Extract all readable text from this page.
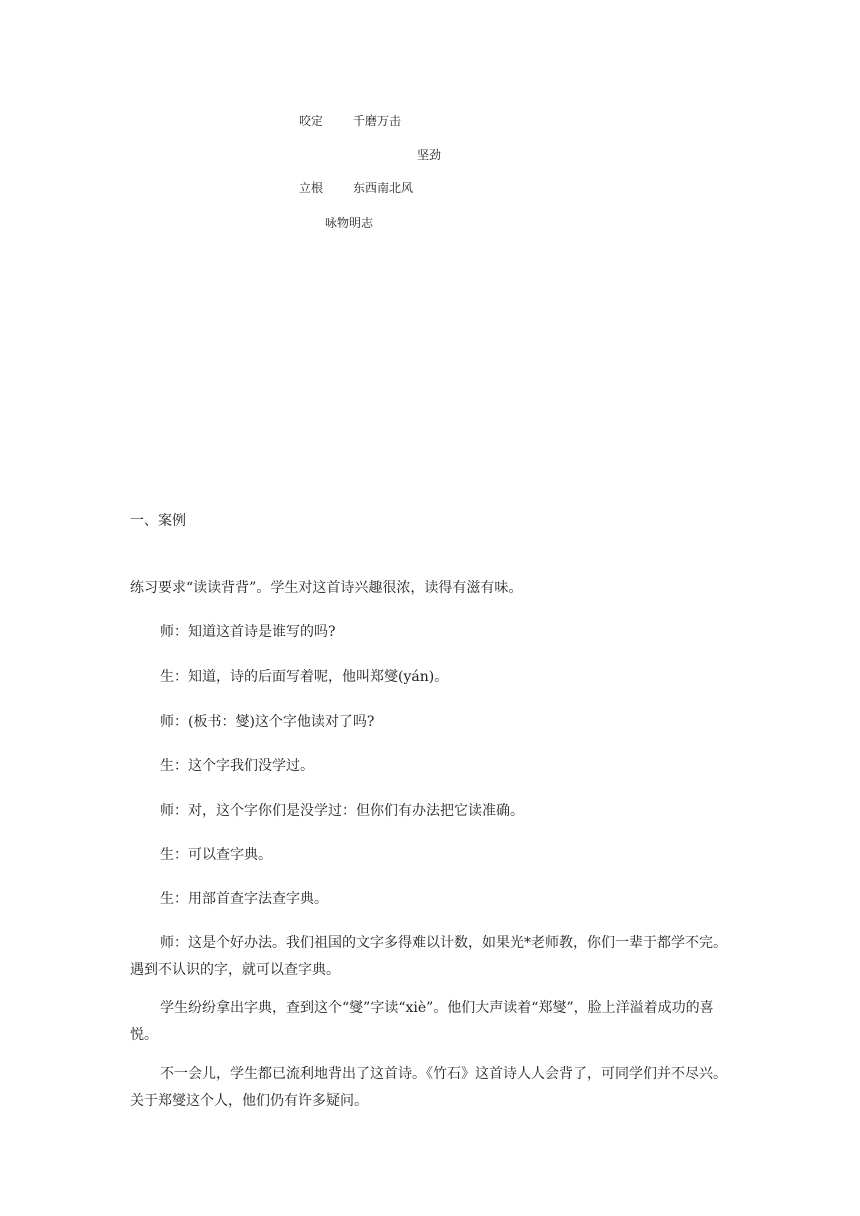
咬定 千磨万击
坚劲
立根 东西南北风
咏物明志
一、案例

练习要求“读读背背”。学生对这首诗兴趣很浓，读得有滋有味。

师：知道这首诗是谁写的吗?

生：知道，诗的后面写着呢，他叫郑燮(yán)。

师：(板书：燮)这个字他读对了吗?

生：这个字我们没学过。

师：对，这个字你们是没学过：但你们有办法把它读准确。

生：可以查字典。

生：用部首查字法查字典。

师：这是个好办法。我们祖国的文字多得难以计数，如果光*老师教，你们一辈于都学不完。遇到不认识的字，就可以查字典。

学生纷纷拿出字典，查到这个“燮”字读“xiè”。他们大声读着“郑燮”，脸上洋溢着成功的喜悦。

不一会儿，学生都已流利地背出了这首诗。《竹石》这首诗人人会背了，可同学们并不尽兴。关于郑燮这个人，他们仍有许多疑问。
